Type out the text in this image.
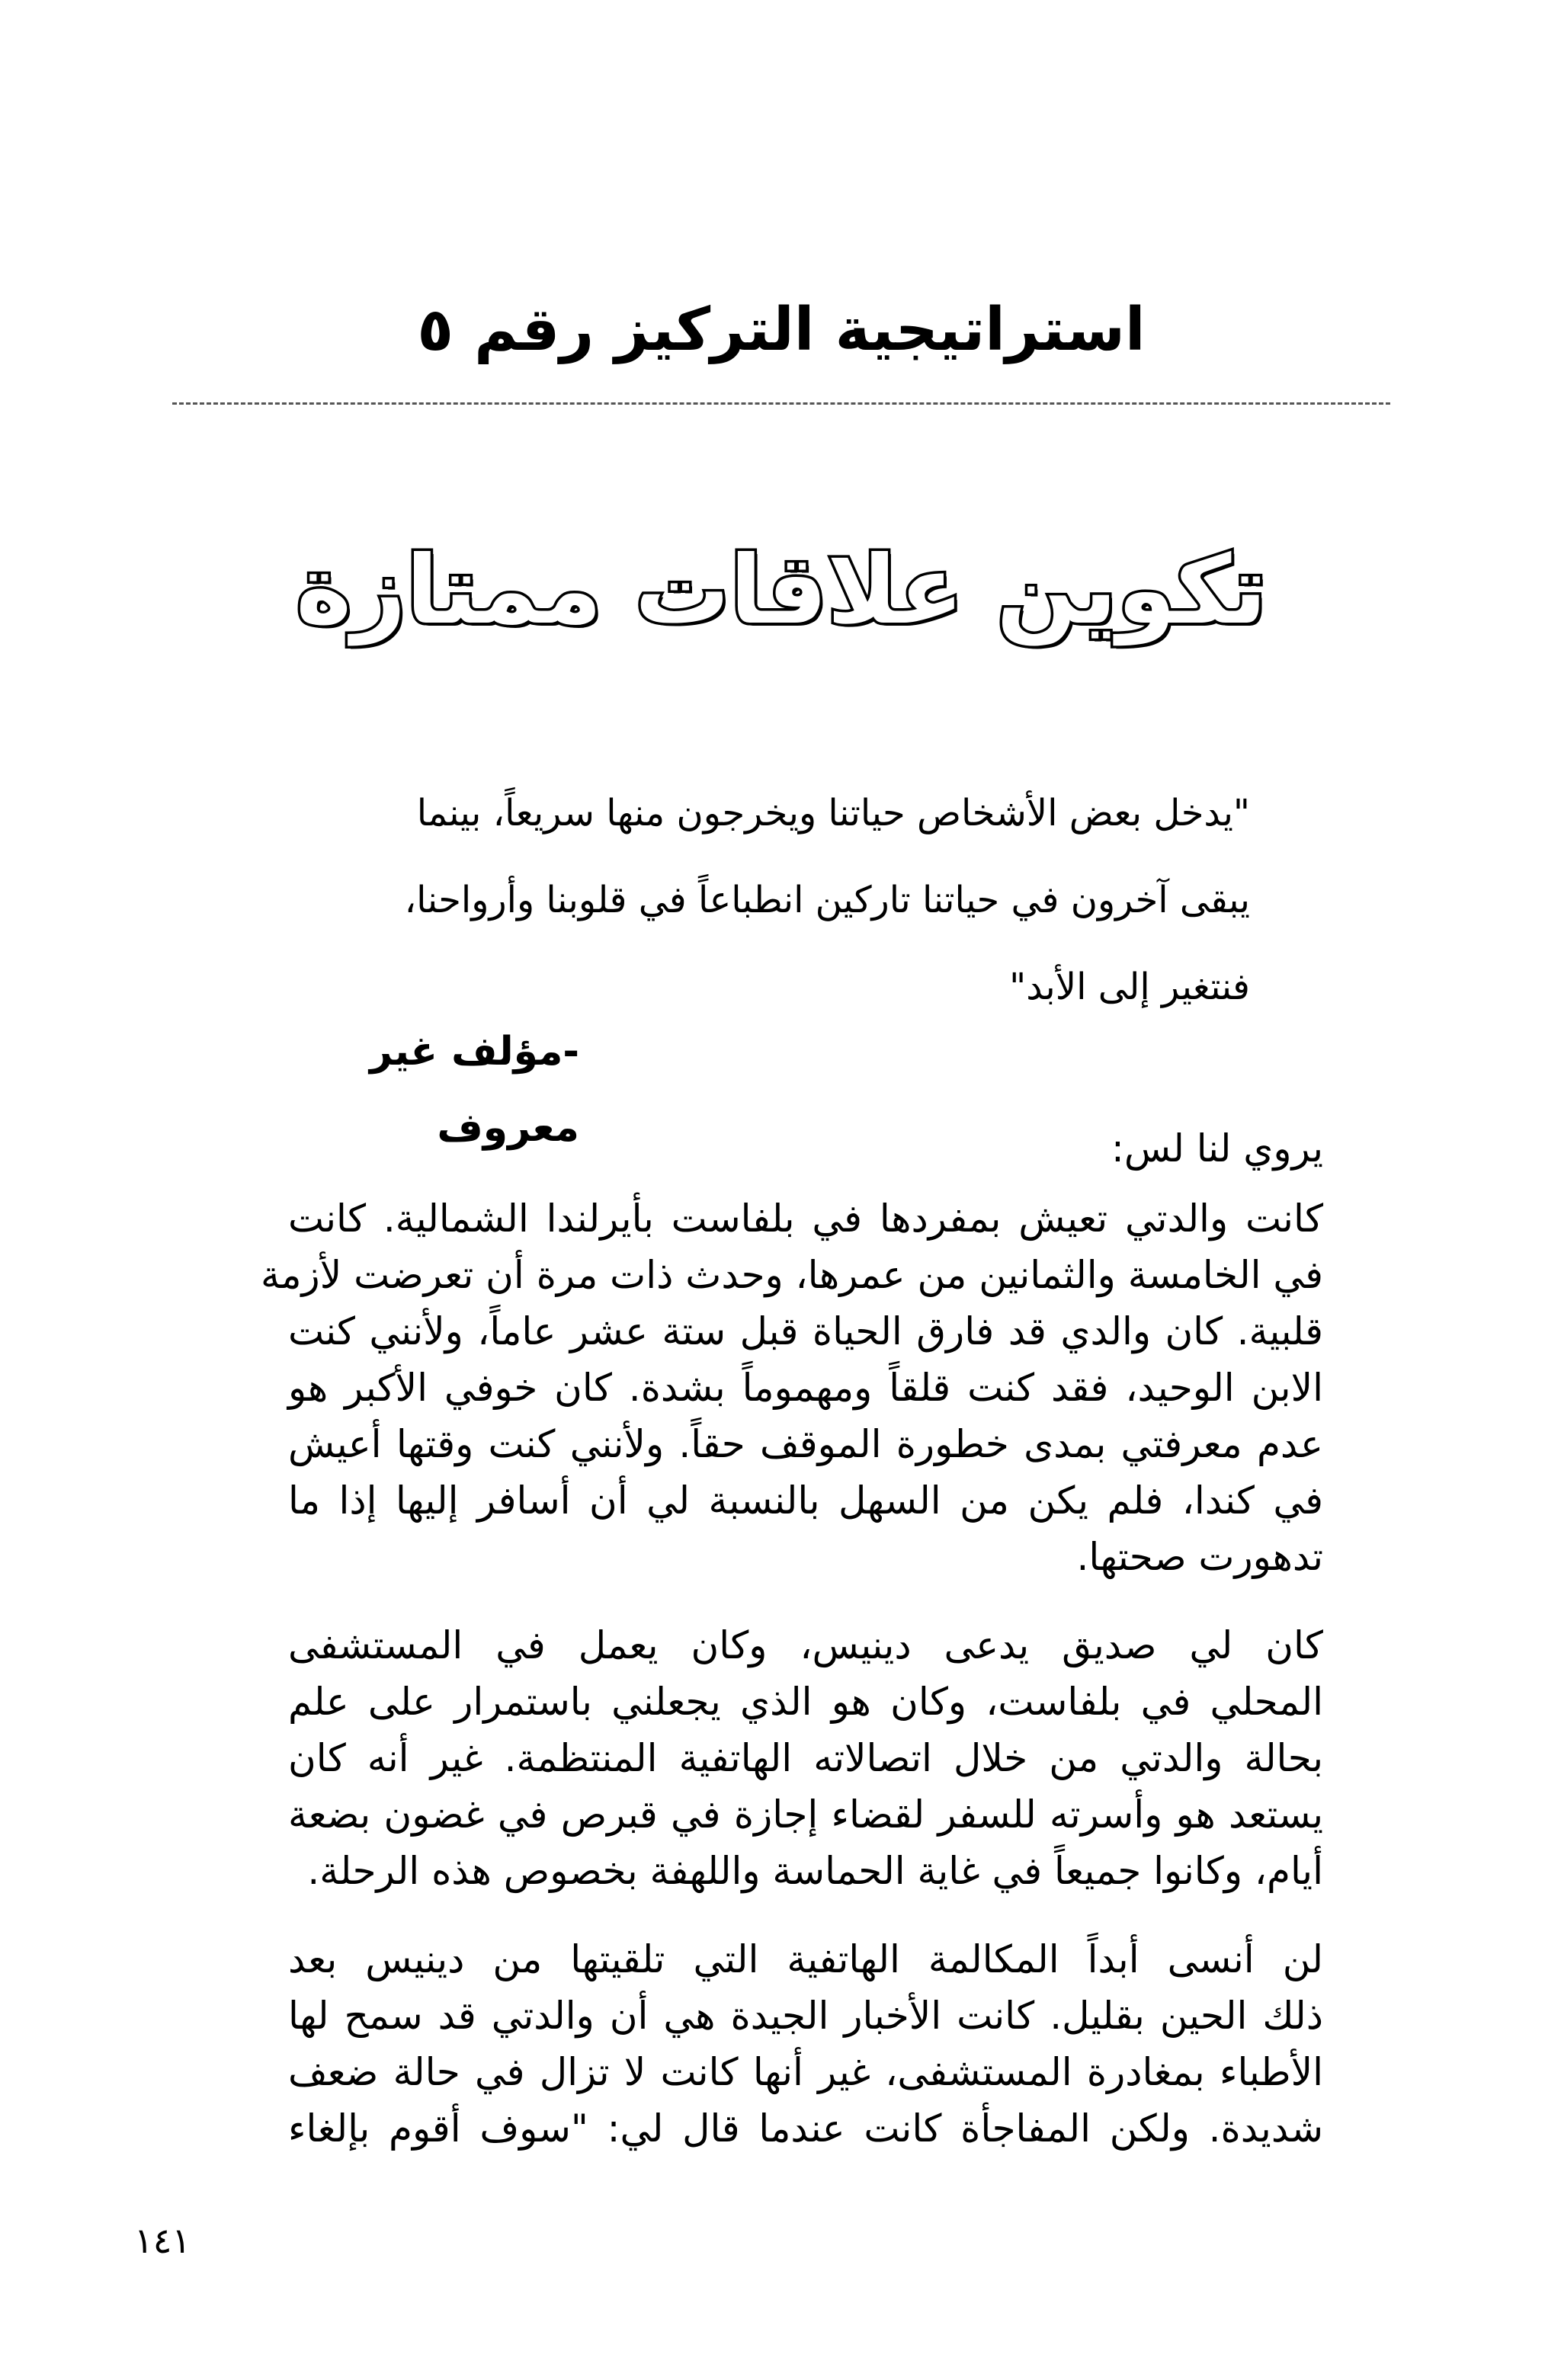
استراتيجية التركيز رقم ٥
تكوين علاقات ممتازة
"يدخل بعض الأشخاص حياتنا ويخرجون منها سريعاً، بينما
يبقى آخرون في حياتنا تاركين انطباعاً في قلوبنا وأرواحنا،
فنتغير إلى الأبد"
-مؤلف غير معروف	يروي لنا لس:
كانت والدتي تعيش بمفردها في بلفاست بأيرلندا الشمالية. كانت
في الخامسة والثمانين من عمرها، وحدث ذات مرة أن تعرضت لأزمة
قلبية. كان والدي قد فارق الحياة قبل ستة عشر عاماً، ولأنني كنت
الابن الوحيد، فقد كنت قلقاً ومهموماً بشدة. كان خوفي الأكبر هو
عدم معرفتي بمدى خطورة الموقف حقاً. ولأنني كنت وقتها أعيش
في كندا، فلم يكن من السهل بالنسبة لي أن أسافر إليها إذا ما
تدهورت صحتها.
كان لي صديق يدعى دينيس، وكان يعمل في المستشفى
المحلي في بلفاست، وكان هو الذي يجعلني باستمرار على علم
بحالة والدتي من خلال اتصالاته الهاتفية المنتظمة. غير أنه كان
يستعد هو وأسرته للسفر لقضاء إجازة في قبرص في غضون بضعة
أيام، وكانوا جميعاً في غاية الحماسة واللهفة بخصوص هذه الرحلة.
لن أنسى أبداً المكالمة الهاتفية التي تلقيتها من دينيس بعد
ذلك الحين بقليل. كانت الأخبار الجيدة هي أن والدتي قد سمح لها
الأطباء بمغادرة المستشفى، غير أنها كانت لا تزال في حالة ضعف
شديدة. ولكن المفاجأة كانت عندما قال لي: "سوف أقوم بإلغاء
١٤١
